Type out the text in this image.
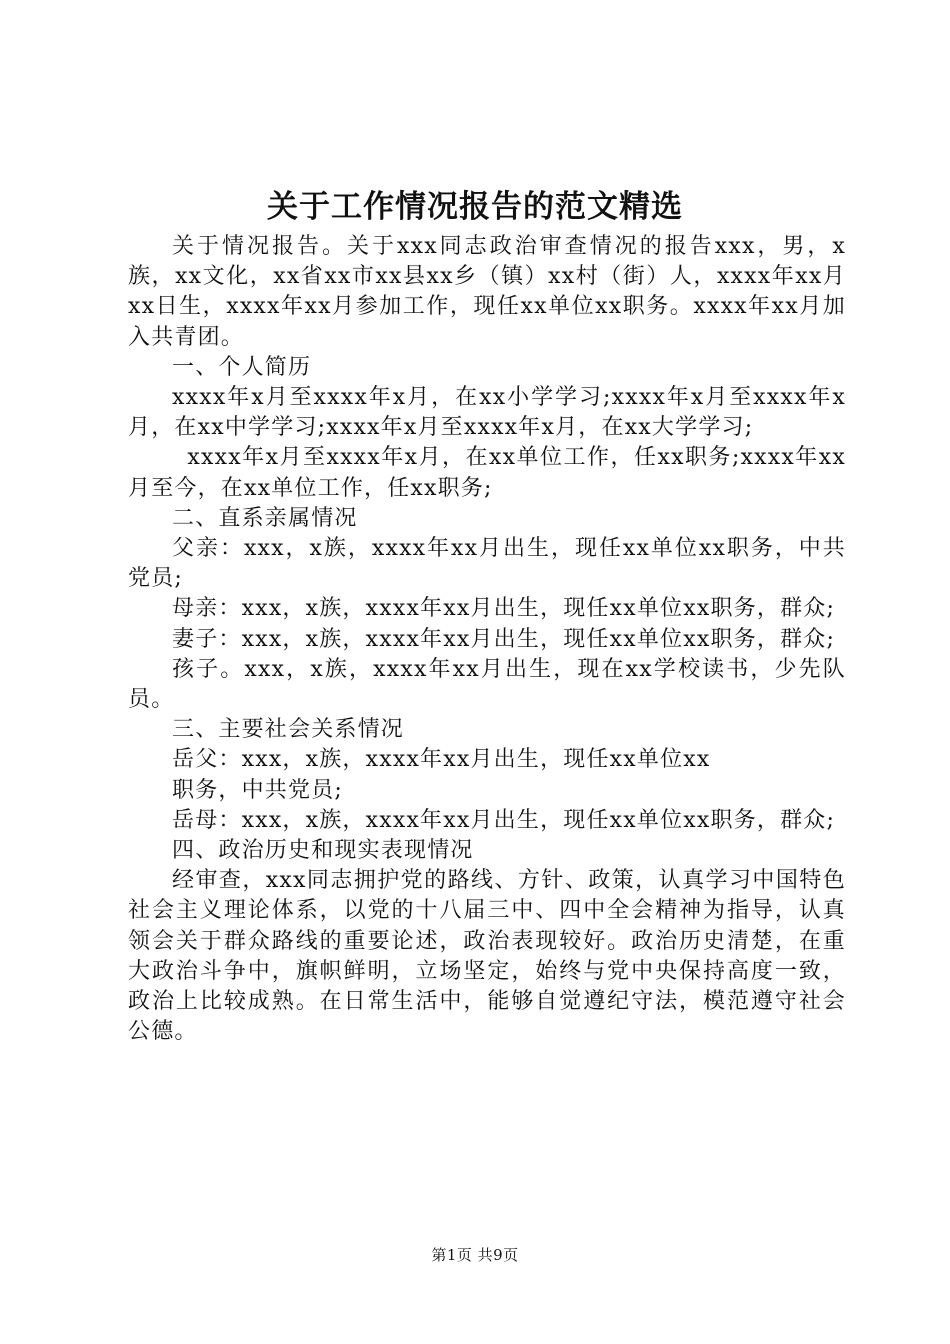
关于工作情况报告的范文精选

关于情况报告。关于xxx同志政治审查情况的报告xxx，男，x族，xx文化，xx省xx市xx县xx乡（镇）xx村（街）人，xxxx年xx月xx日生，xxxx年xx月参加工作，现任xx单位xx职务。xxxx年xx月加入共青团。

一、个人简历

xxxx年x月至xxxx年x月，在xx小学学习;xxxx年x月至xxxx年x月，在xx中学学习;xxxx年x月至xxxx年x月，在xx大学学习;

xxxx年x月至xxxx年x月，在xx单位工作，任xx职务;xxxx年xx月至今，在xx单位工作，任xx职务;

二、直系亲属情况

父亲：xxx，x族，xxxx年xx月出生，现任xx单位xx职务，中共党员;

母亲：xxx，x族，xxxx年xx月出生，现任xx单位xx职务，群众;

妻子：xxx，x族，xxxx年xx月出生，现任xx单位xx职务，群众;

孩子。xxx，x族，xxxx年xx月出生，现在xx学校读书，少先队员。

三、主要社会关系情况

岳父：xxx，x族，xxxx年xx月出生，现任xx单位xx

职务，中共党员;

岳母：xxx，x族，xxxx年xx月出生，现任xx单位xx职务，群众;

四、政治历史和现实表现情况

经审查，xxx同志拥护党的路线、方针、政策，认真学习中国特色社会主义理论体系，以党的十八届三中、四中全会精神为指导，认真领会关于群众路线的重要论述，政治表现较好。政治历史清楚，在重大政治斗争中，旗帜鲜明，立场坚定，始终与党中央保持高度一致，政治上比较成熟。在日常生活中，能够自觉遵纪守法，模范遵守社会公德。

第1页 共9页
